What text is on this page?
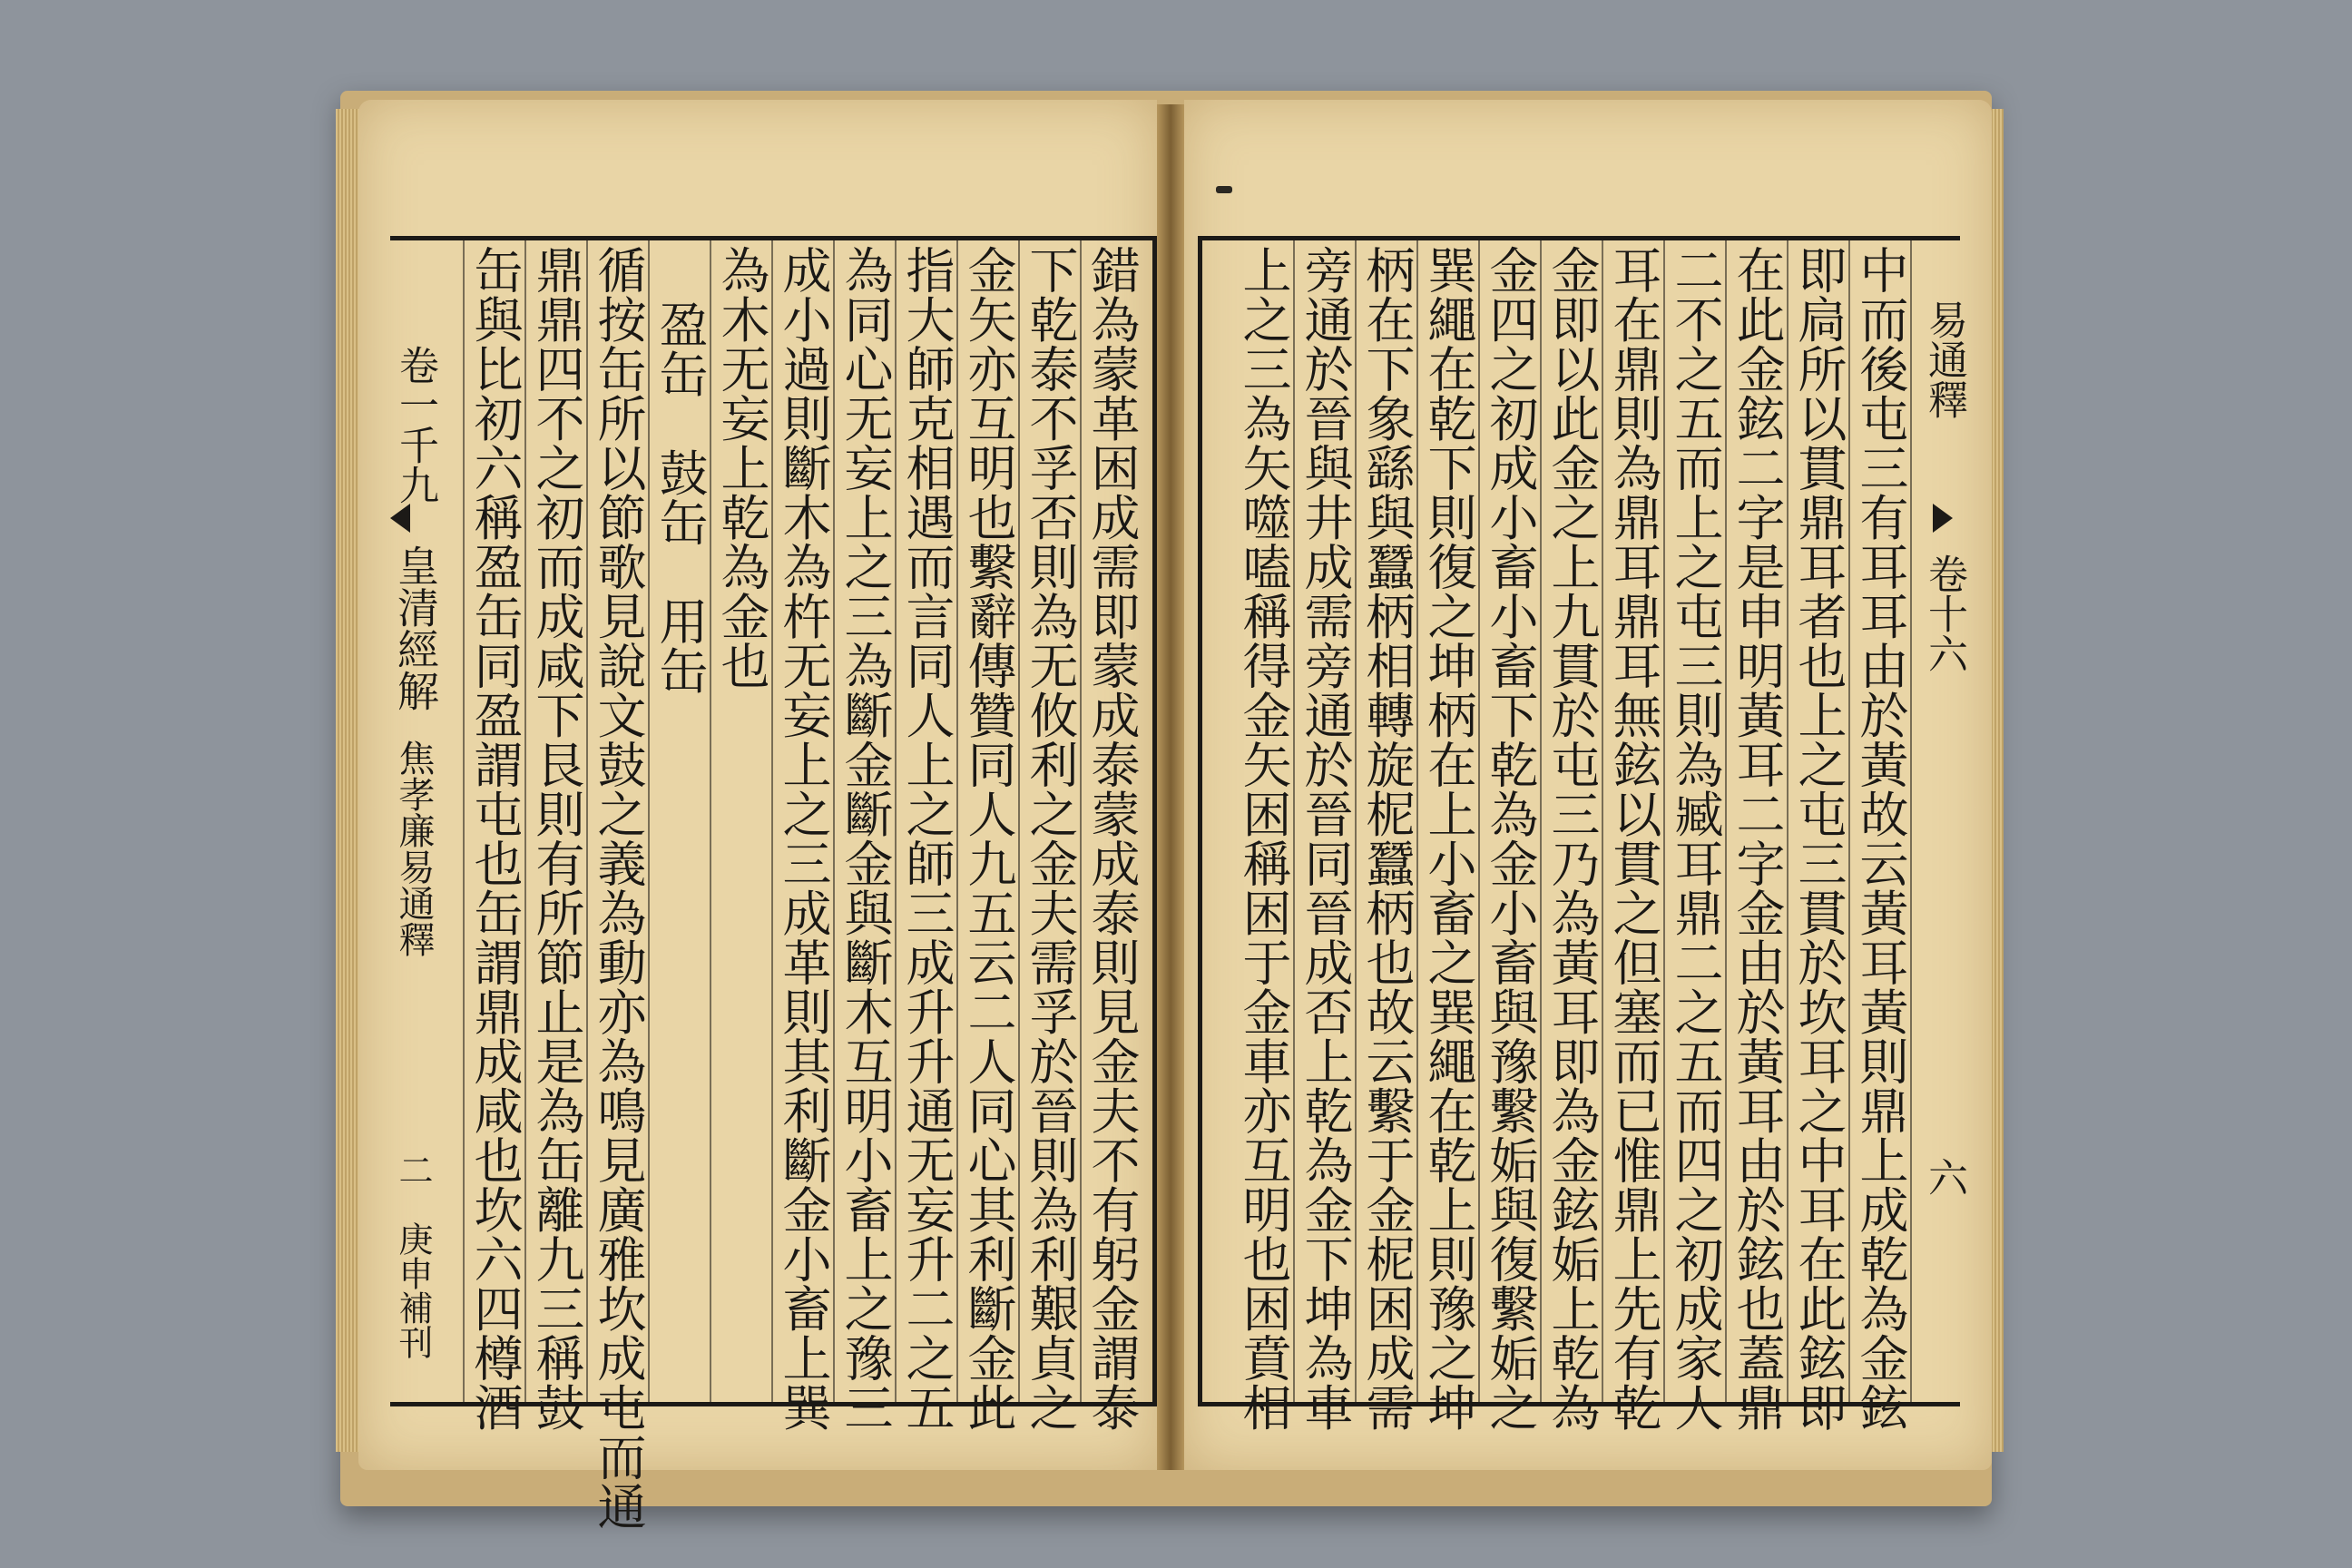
皇清經解
卷一千九
焦孝廉易通釋
二　庚申補刊
易通釋
卷十六
六
錯為蒙革困成需即蒙成泰蒙成泰則見金夫不有躬金謂泰
下乾泰不孚否則為无攸利之金夫需孚於晉則為利艱貞之
金矢亦互明也繫辭傳贊同人九五云二人同心其利斷金此
指大師克相遇而言同人上之師三成升升通无妄升二之五
為同心无妄上之三為斷金斷金與斷木互明小畜上之豫三
成小過則斷木為杵无妄上之三成革則其利斷金小畜上巽
為木无妄上乾為金也
盈缶　鼓缶　用缶
循按缶所以節歌見說文鼓之義為動亦為鳴見廣雅坎成屯而通
鼎鼎四不之初而成咸下艮則有所節止是為缶離九三稱鼓
缶與比初六稱盈缶同盈謂屯也缶謂鼎成咸也坎六四樽酒	中而後屯三有耳耳由於黃故云黃耳黃則鼎上成乾為金鉉
即扃所以貫鼎耳者也上之屯三貫於坎耳之中耳在此鉉即
在此金鉉二字是申明黃耳二字金由於黃耳由於鉉也蓋鼎
二不之五而上之屯三則為臧耳鼎二之五而四之初成家人
耳在鼎則為鼎耳鼎耳無鉉以貫之但塞而已惟鼎上先有乾
金即以此金之上九貫於屯三乃為黃耳即為金鉉姤上乾為
金四之初成小畜小畜下乾為金小畜與豫繫姤與復繫姤之
巽繩在乾下則復之坤柄在上小畜之巽繩在乾上則豫之坤
柄在下象繇與蠶柄相轉旋柅蠶柄也故云繫于金柅困成需
旁通於晉與井成需旁通於晉同晉成否上乾為金下坤為車
上之三為矢噬嗑稱得金矢困稱困于金車亦互明也困賁相
